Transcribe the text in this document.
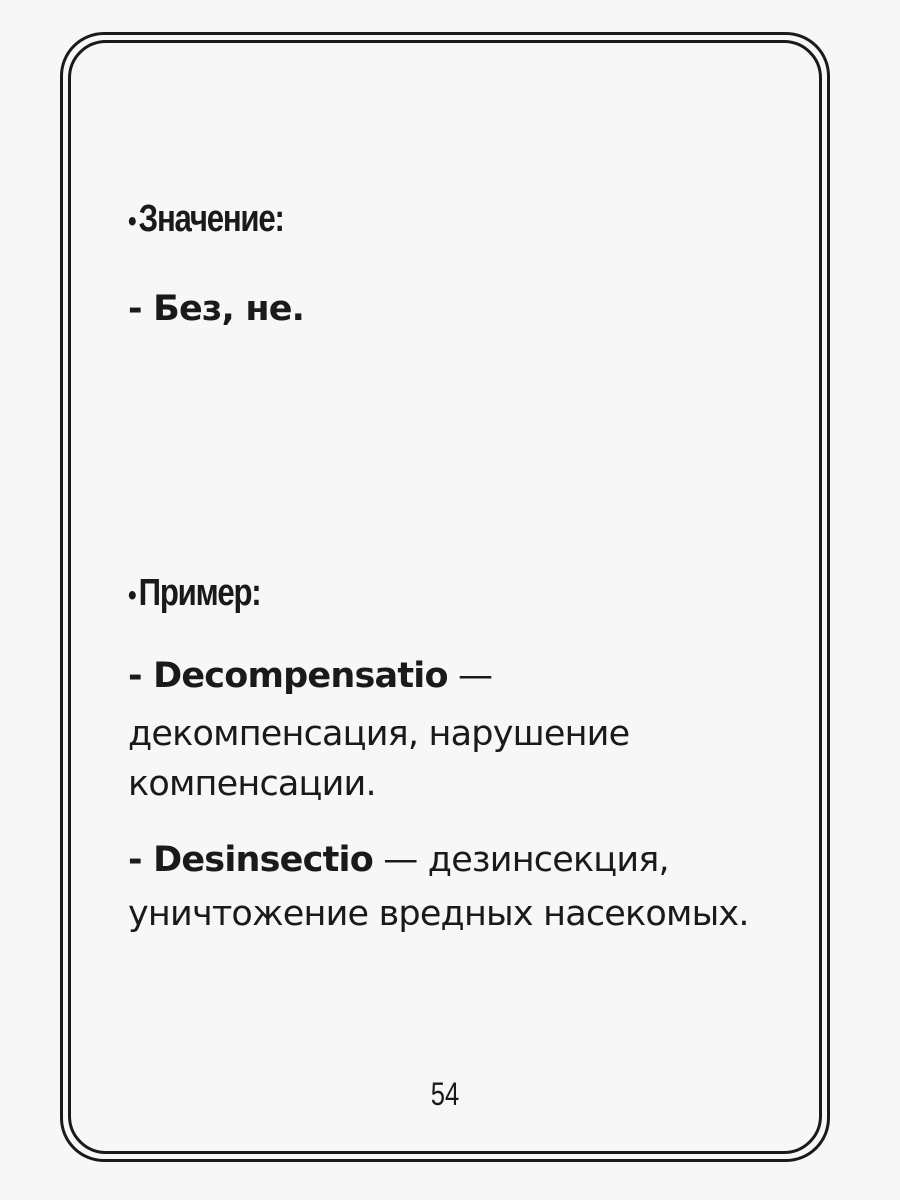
•Значение:
- Без, не.
•Пример:
- Decompensatio —
декомпенсация, нарушение
компенсации.
- Desinsectio — дезинсекция,
уничтожение вредных насекомых.
54
